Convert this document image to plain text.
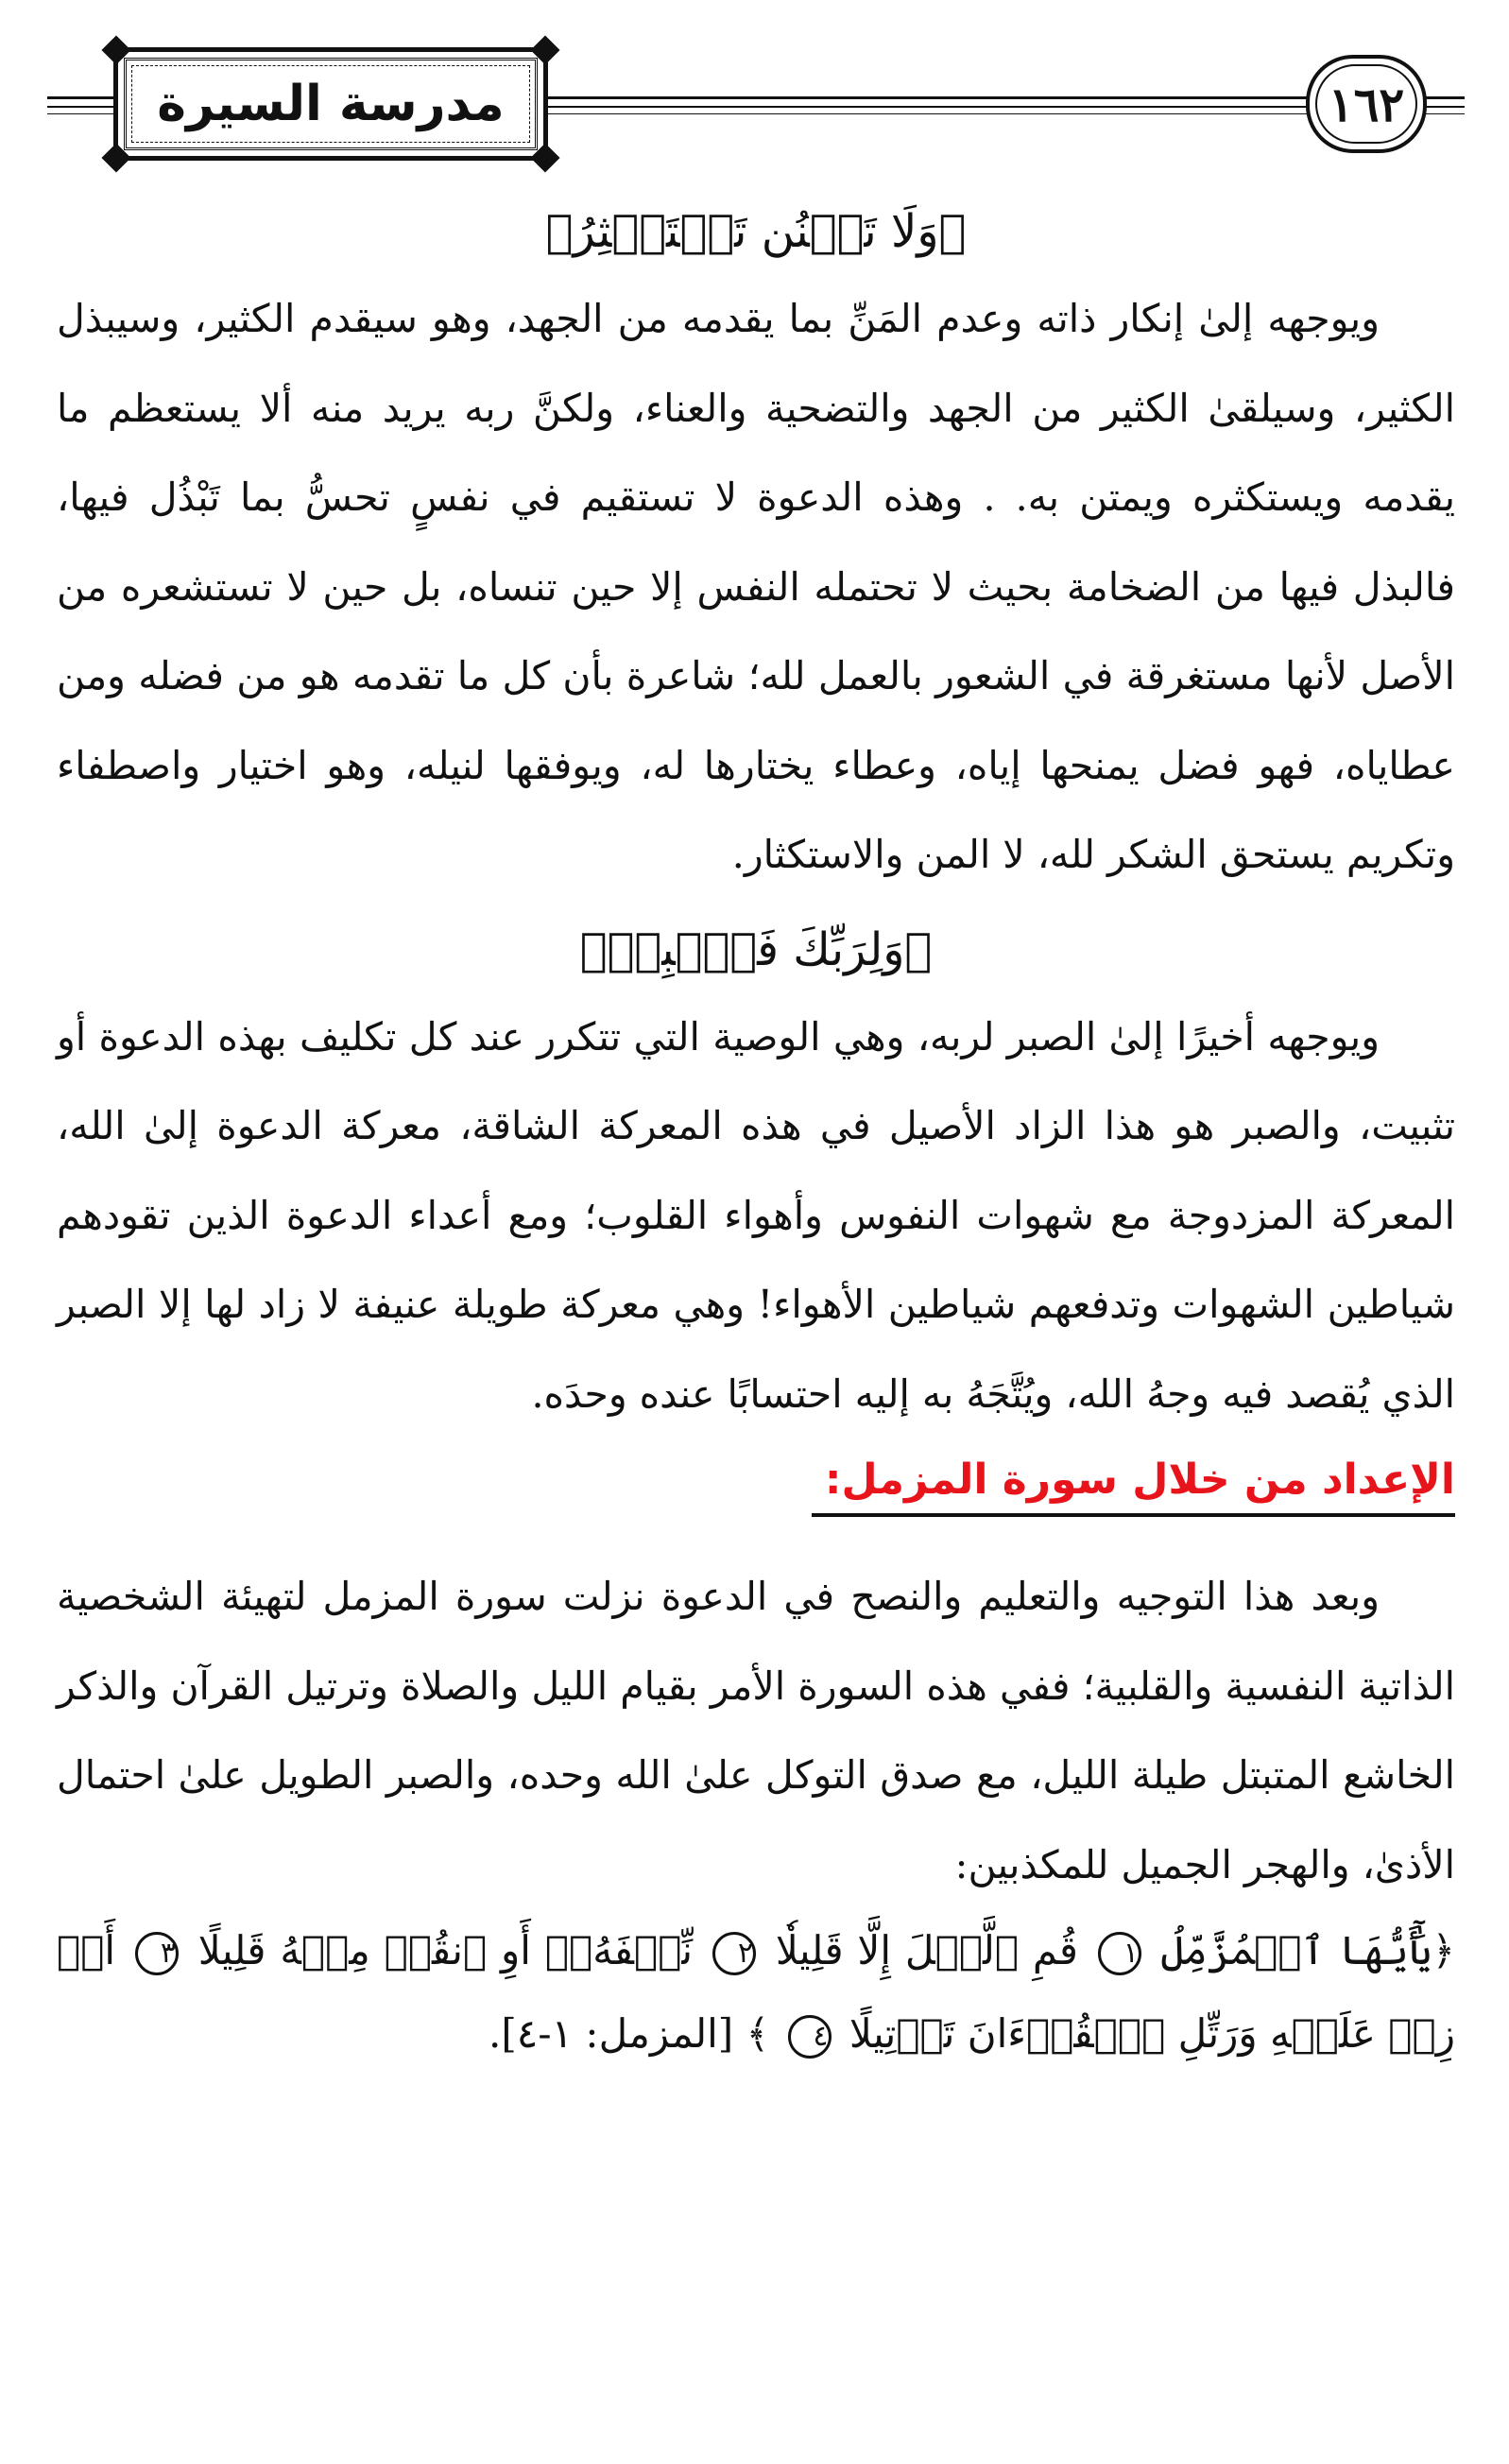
١٦٢
مدرسة السيرة

﴿وَلَا تَمۡنُن تَسۡتَكۡثِرُ﴾

ويوجهه إلىٰ إنكار ذاته وعدم المَنِّ بما يقدمه من الجهد، وهو سيقدم الكثير، وسيبذل الكثير، وسيلقىٰ الكثير من الجهد والتضحية والعناء، ولكنَّ ربه يريد منه ألا يستعظم ما يقدمه ويستكثره ويمتن به. . وهذه الدعوة لا تستقيم في نفسٍ تحسُّ بما تَبْذُل فيها، فالبذل فيها من الضخامة بحيث لا تحتمله النفس إلا حين تنساه، بل حين لا تستشعره من الأصل لأنها مستغرقة في الشعور بالعمل لله؛ شاعرة بأن كل ما تقدمه هو من فضله ومن عطاياه، فهو فضل يمنحها إياه، وعطاء يختارها له، ويوفقها لنيله، وهو اختيار واصطفاء وتكريم يستحق الشكر لله، لا المن والاستكثار.

﴿وَلِرَبِّكَ فَٱصۡبِرۡ﴾

ويوجهه أخيرًا إلىٰ الصبر لربه، وهي الوصية التي تتكرر عند كل تكليف بهذه الدعوة أو تثبيت، والصبر هو هذا الزاد الأصيل في هذه المعركة الشاقة، معركة الدعوة إلىٰ الله، المعركة المزدوجة مع شهوات النفوس وأهواء القلوب؛ ومع أعداء الدعوة الذين تقودهم شياطين الشهوات وتدفعهم شياطين الأهواء! وهي معركة طويلة عنيفة لا زاد لها إلا الصبر الذي يُقصد فيه وجهُ الله، ويُتَّجَهُ به إليه احتسابًا عنده وحدَه.

الإعداد من خلال سورة المزمل:

وبعد هذا التوجيه والتعليم والنصح في الدعوة نزلت سورة المزمل لتهيئة الشخصية الذاتية النفسية والقلبية؛ ففي هذه السورة الأمر بقيام الليل والصلاة وترتيل القرآن والذكر الخاشع المتبتل طيلة الليل، مع صدق التوكل علىٰ الله وحده، والصبر الطويل علىٰ احتمال الأذىٰ، والهجر الجميل للمكذبين:

﴿يَٰٓأَيُّهَا ٱلۡمُزَّمِّلُ ١ قُمِ ٱلَّيۡلَ إِلَّا قَلِيلٗا ٢ نِّصۡفَهُۥٓ أَوِ ٱنقُصۡ مِنۡهُ قَلِيلًا ٣ أَوۡ زِدۡ عَلَيۡهِ وَرَتِّلِ ٱلۡقُرۡءَانَ تَرۡتِيلًا ٤ ﴾ [المزمل: ١-٤].
